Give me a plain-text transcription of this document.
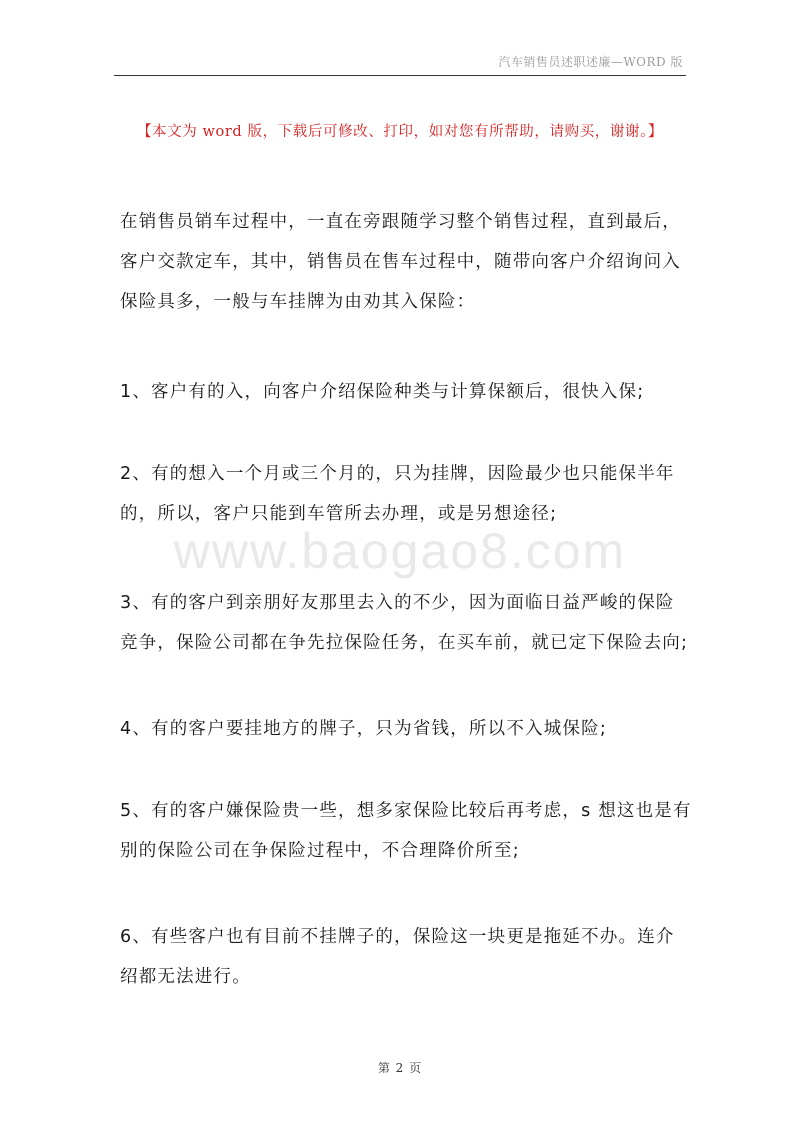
汽车销售员述职述廉—WORD 版
【本文为 word 版，下载后可修改、打印，如对您有所帮助，请购买，谢谢。】
www.baogao8.com
在销售员销车过程中，一直在旁跟随学习整个销售过程，直到最后，
客户交款定车，其中，销售员在售车过程中，随带向客户介绍询问入
保险具多，一般与车挂牌为由劝其入保险：
1、客户有的入，向客户介绍保险种类与计算保额后，很快入保;
2、有的想入一个月或三个月的，只为挂牌，因险最少也只能保半年
的，所以，客户只能到车管所去办理，或是另想途径;
3、有的客户到亲朋好友那里去入的不少，因为面临日益严峻的保险
竞争，保险公司都在争先拉保险任务，在买车前，就已定下保险去向;
4、有的客户要挂地方的牌子，只为省钱，所以不入城保险;
5、有的客户嫌保险贵一些，想多家保险比较后再考虑，s 想这也是有
别的保险公司在争保险过程中，不合理降价所至;
6、有些客户也有目前不挂牌子的，保险这一块更是拖延不办。连介
绍都无法进行。
第 2 页
